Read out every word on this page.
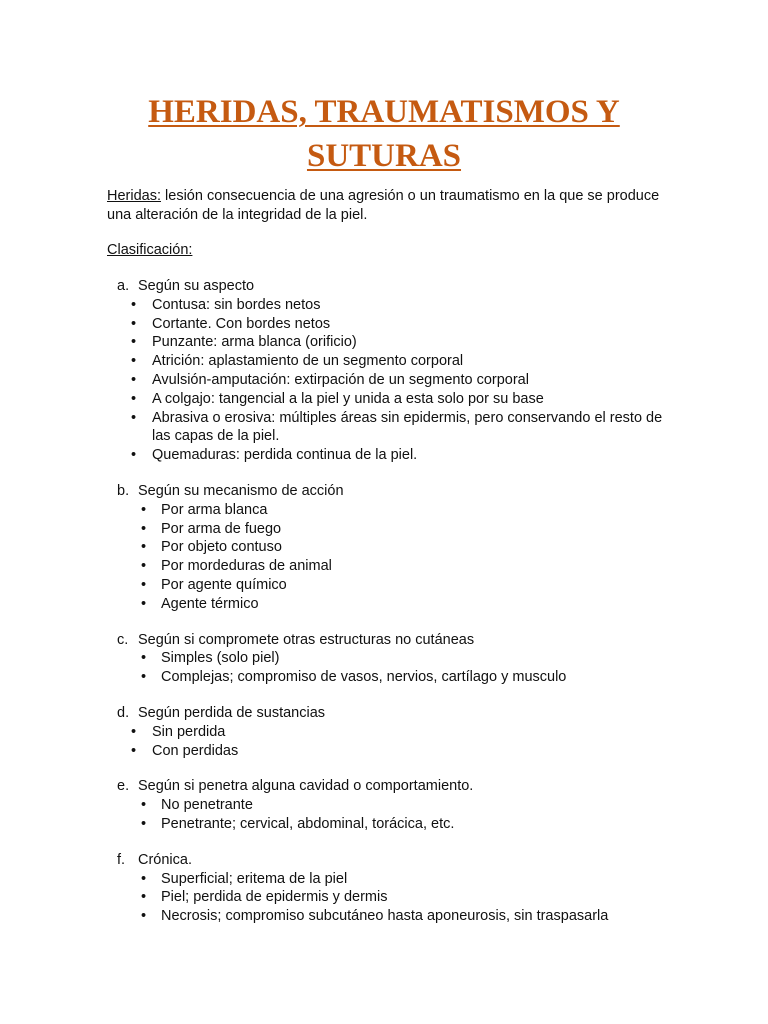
HERIDAS, TRAUMATISMOS Y
SUTURAS

Heridas: lesión consecuencia de una agresión o un traumatismo en la que se produce una alteración de la integridad de la piel.

Clasificación:

a. Según su aspecto
• Contusa: sin bordes netos
• Cortante. Con bordes netos
• Punzante: arma blanca (orificio)
• Atrición: aplastamiento de un segmento corporal
• Avulsión-amputación: extirpación de un segmento corporal
• A colgajo: tangencial a la piel y unida a esta solo por su base
• Abrasiva o erosiva: múltiples áreas sin epidermis, pero conservando el resto de las capas de la piel.
• Quemaduras: perdida continua de la piel.
b. Según su mecanismo de acción
• Por arma blanca
• Por arma de fuego
• Por objeto contuso
• Por mordeduras de animal
• Por agente químico
• Agente térmico
c. Según si compromete otras estructuras no cutáneas
• Simples (solo piel)
• Complejas; compromiso de vasos, nervios, cartílago y musculo
d. Según perdida de sustancias
• Sin perdida
• Con perdidas
e. Según si penetra alguna cavidad o comportamiento.
• No penetrante
• Penetrante; cervical, abdominal, torácica, etc.
f. Crónica.
• Superficial; eritema de la piel
• Piel; perdida de epidermis y dermis
• Necrosis; compromiso subcutáneo hasta aponeurosis, sin traspasarla
